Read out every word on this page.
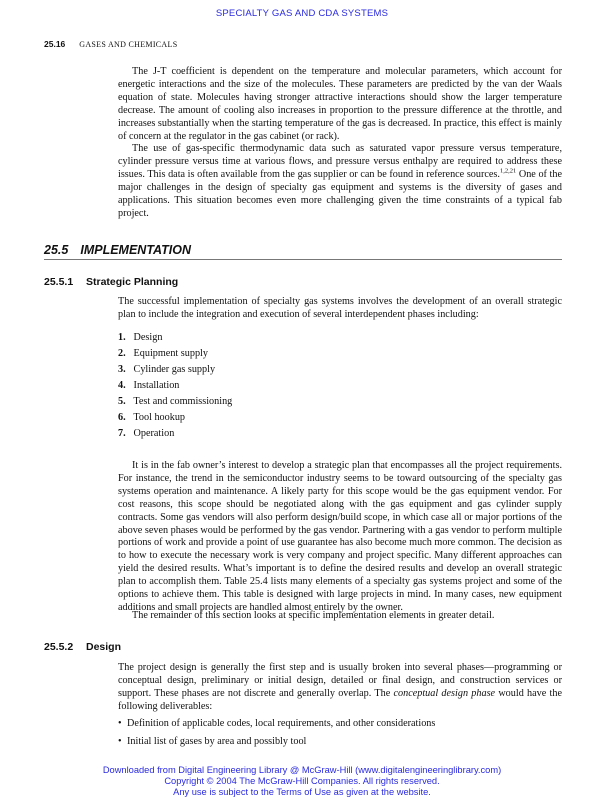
SPECIALTY GAS AND CDA SYSTEMS
25.16 GASES AND CHEMICALS

The J-T coefficient is dependent on the temperature and molecular parameters, which account for energetic interactions and the size of the molecules. These parameters are predicted by the van der Waals equation of state. Molecules having stronger attractive interactions should show the larger temperature decrease. The amount of cooling also increases in proportion to the pressure difference at the throttle, and increases substantially when the starting temperature of the gas is decreased. In practice, this effect is mainly of concern at the regulator in the gas cabinet (or rack).

The use of gas-specific thermodynamic data such as saturated vapor pressure versus temperature, cylinder pressure versus time at various flows, and pressure versus enthalpy are required to address these issues. This data is often available from the gas supplier or can be found in reference sources.$^{1,2,21}$ One of the major challenges in the design of specialty gas equipment and systems is the diversity of gases and applications. This situation becomes even more challenging given the time constraints of a typical fab project.

25.5 IMPLEMENTATION
25.5.1 Strategic Planning

The successful implementation of specialty gas systems involves the development of an overall strategic plan to include the integration and execution of several interdependent phases including:

1. Design
2. Equipment supply
3. Cylinder gas supply
4. Installation
5. Test and commissioning
6. Tool hookup
7. Operation

It is in the fab owner’s interest to develop a strategic plan that encompasses all the project requirements. For instance, the trend in the semiconductor industry seems to be toward outsourcing of the specialty gas systems operation and maintenance. A likely party for this scope would be the gas equipment vendor. For cost reasons, this scope should be negotiated along with the gas equipment and gas cylinder supply contracts. Some gas vendors will also perform design/build scope, in which case all or major portions of the above seven phases would be performed by the gas vendor. Partnering with a gas vendor to perform multiple portions of work and provide a point of use guarantee has also become much more common. The decision as to how to execute the necessary work is very company and project specific. Many different approaches can yield the desired results. What’s important is to define the desired results and develop an overall strategic plan to accomplish them. Table 25.4 lists many elements of a specialty gas systems project and some of the options to achieve them. This table is designed with large projects in mind. In many cases, new equipment additions and small projects are handled almost entirely by the owner.

The remainder of this section looks at specific implementation elements in greater detail.

25.5.2 Design

The project design is generally the first step and is usually broken into several phases—programming or conceptual design, preliminary or initial design, detailed or final design, and construction services or support. These phases are not discrete and generally overlap. The conceptual design phase would have the following deliverables:

• Definition of applicable codes, local requirements, and other considerations
• Initial list of gases by area and possibly tool
Downloaded from Digital Engineering Library @ McGraw-Hill (www.digitalengineeringlibrary.com)
Copyright © 2004 The McGraw-Hill Companies. All rights reserved.
Any use is subject to the Terms of Use as given at the website.
